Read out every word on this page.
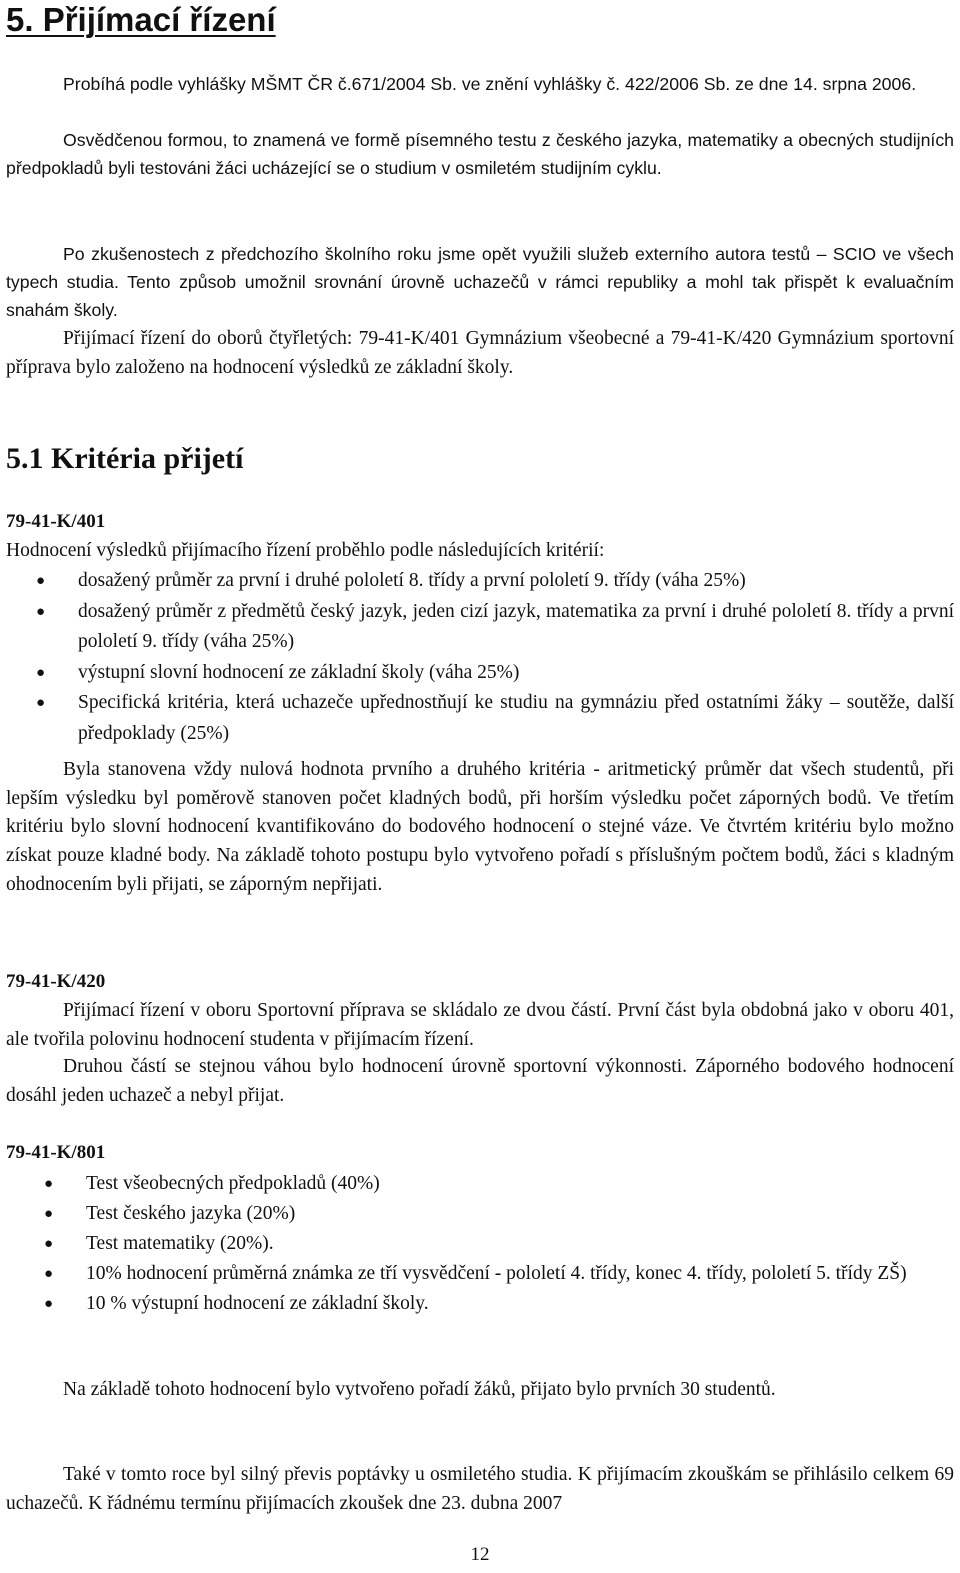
5. Přijímací řízení
Probíhá podle vyhlášky MŠMT ČR č.671/2004 Sb. ve znění vyhlášky č. 422/2006 Sb. ze dne 14. srpna 2006.
Osvědčenou formou, to znamená ve formě písemného testu z českého jazyka, matematiky a obecných studijních předpokladů byli testováni žáci ucházející se o studium v osmiletém studijním cyklu.
Po zkušenostech z předchozího školního roku jsme opět využili služeb externího autora testů – SCIO ve všech typech studia. Tento způsob umožnil srovnání úrovně uchazečů v rámci republiky a mohl tak přispět k evaluačním snahám školy.
Přijímací řízení do oborů čtyřletých: 79-41-K/401 Gymnázium všeobecné a 79-41-K/420 Gymnázium sportovní příprava bylo založeno na hodnocení výsledků ze základní školy.
5.1 Kritéria přijetí
79-41-K/401
Hodnocení výsledků přijímacího řízení proběhlo podle následujících kritérií:
● dosažený průměr za první i druhé pololetí 8. třídy a první pololetí 9. třídy (váha 25%)
● dosažený průměr z předmětů český jazyk, jeden cizí jazyk, matematika za první i druhé pololetí 8. třídy a první pololetí 9. třídy (váha 25%)
● výstupní slovní hodnocení ze základní školy (váha 25%)
● Specifická kritéria, která uchazeče upřednostňují ke studiu na gymnáziu před ostatními žáky – soutěže, další předpoklady (25%)
Byla stanovena vždy nulová hodnota prvního a druhého kritéria - aritmetický průměr dat všech studentů, při lepším výsledku byl poměrově stanoven počet kladných bodů, při horším výsledku počet záporných bodů. Ve třetím kritériu bylo slovní hodnocení kvantifikováno do bodového hodnocení o stejné váze. Ve čtvrtém kritériu bylo možno získat pouze kladné body. Na základě tohoto postupu bylo vytvořeno pořadí s příslušným počtem bodů, žáci s kladným ohodnocením byli přijati, se záporným nepřijati.
79-41-K/420
Přijímací řízení v oboru Sportovní příprava se skládalo ze dvou částí. První část byla obdobná jako v oboru 401, ale tvořila polovinu hodnocení studenta v přijímacím řízení.
Druhou částí se stejnou váhou bylo hodnocení úrovně sportovní výkonnosti. Záporného bodového hodnocení dosáhl jeden uchazeč a nebyl přijat.
79-41-K/801
● Test všeobecných předpokladů (40%)
● Test českého jazyka (20%)
● Test matematiky (20%).
● 10% hodnocení průměrná známka ze tří vysvědčení - pololetí 4. třídy, konec 4. třídy, pololetí 5. třídy ZŠ)
● 10 % výstupní hodnocení ze základní školy.
Na základě tohoto hodnocení bylo vytvořeno pořadí žáků, přijato bylo prvních 30 studentů.
Také v tomto roce byl silný převis poptávky u osmiletého studia. K přijímacím zkouškám se přihlásilo celkem 69 uchazečů. K řádnému termínu přijímacích zkoušek dne 23. dubna 2007
12
